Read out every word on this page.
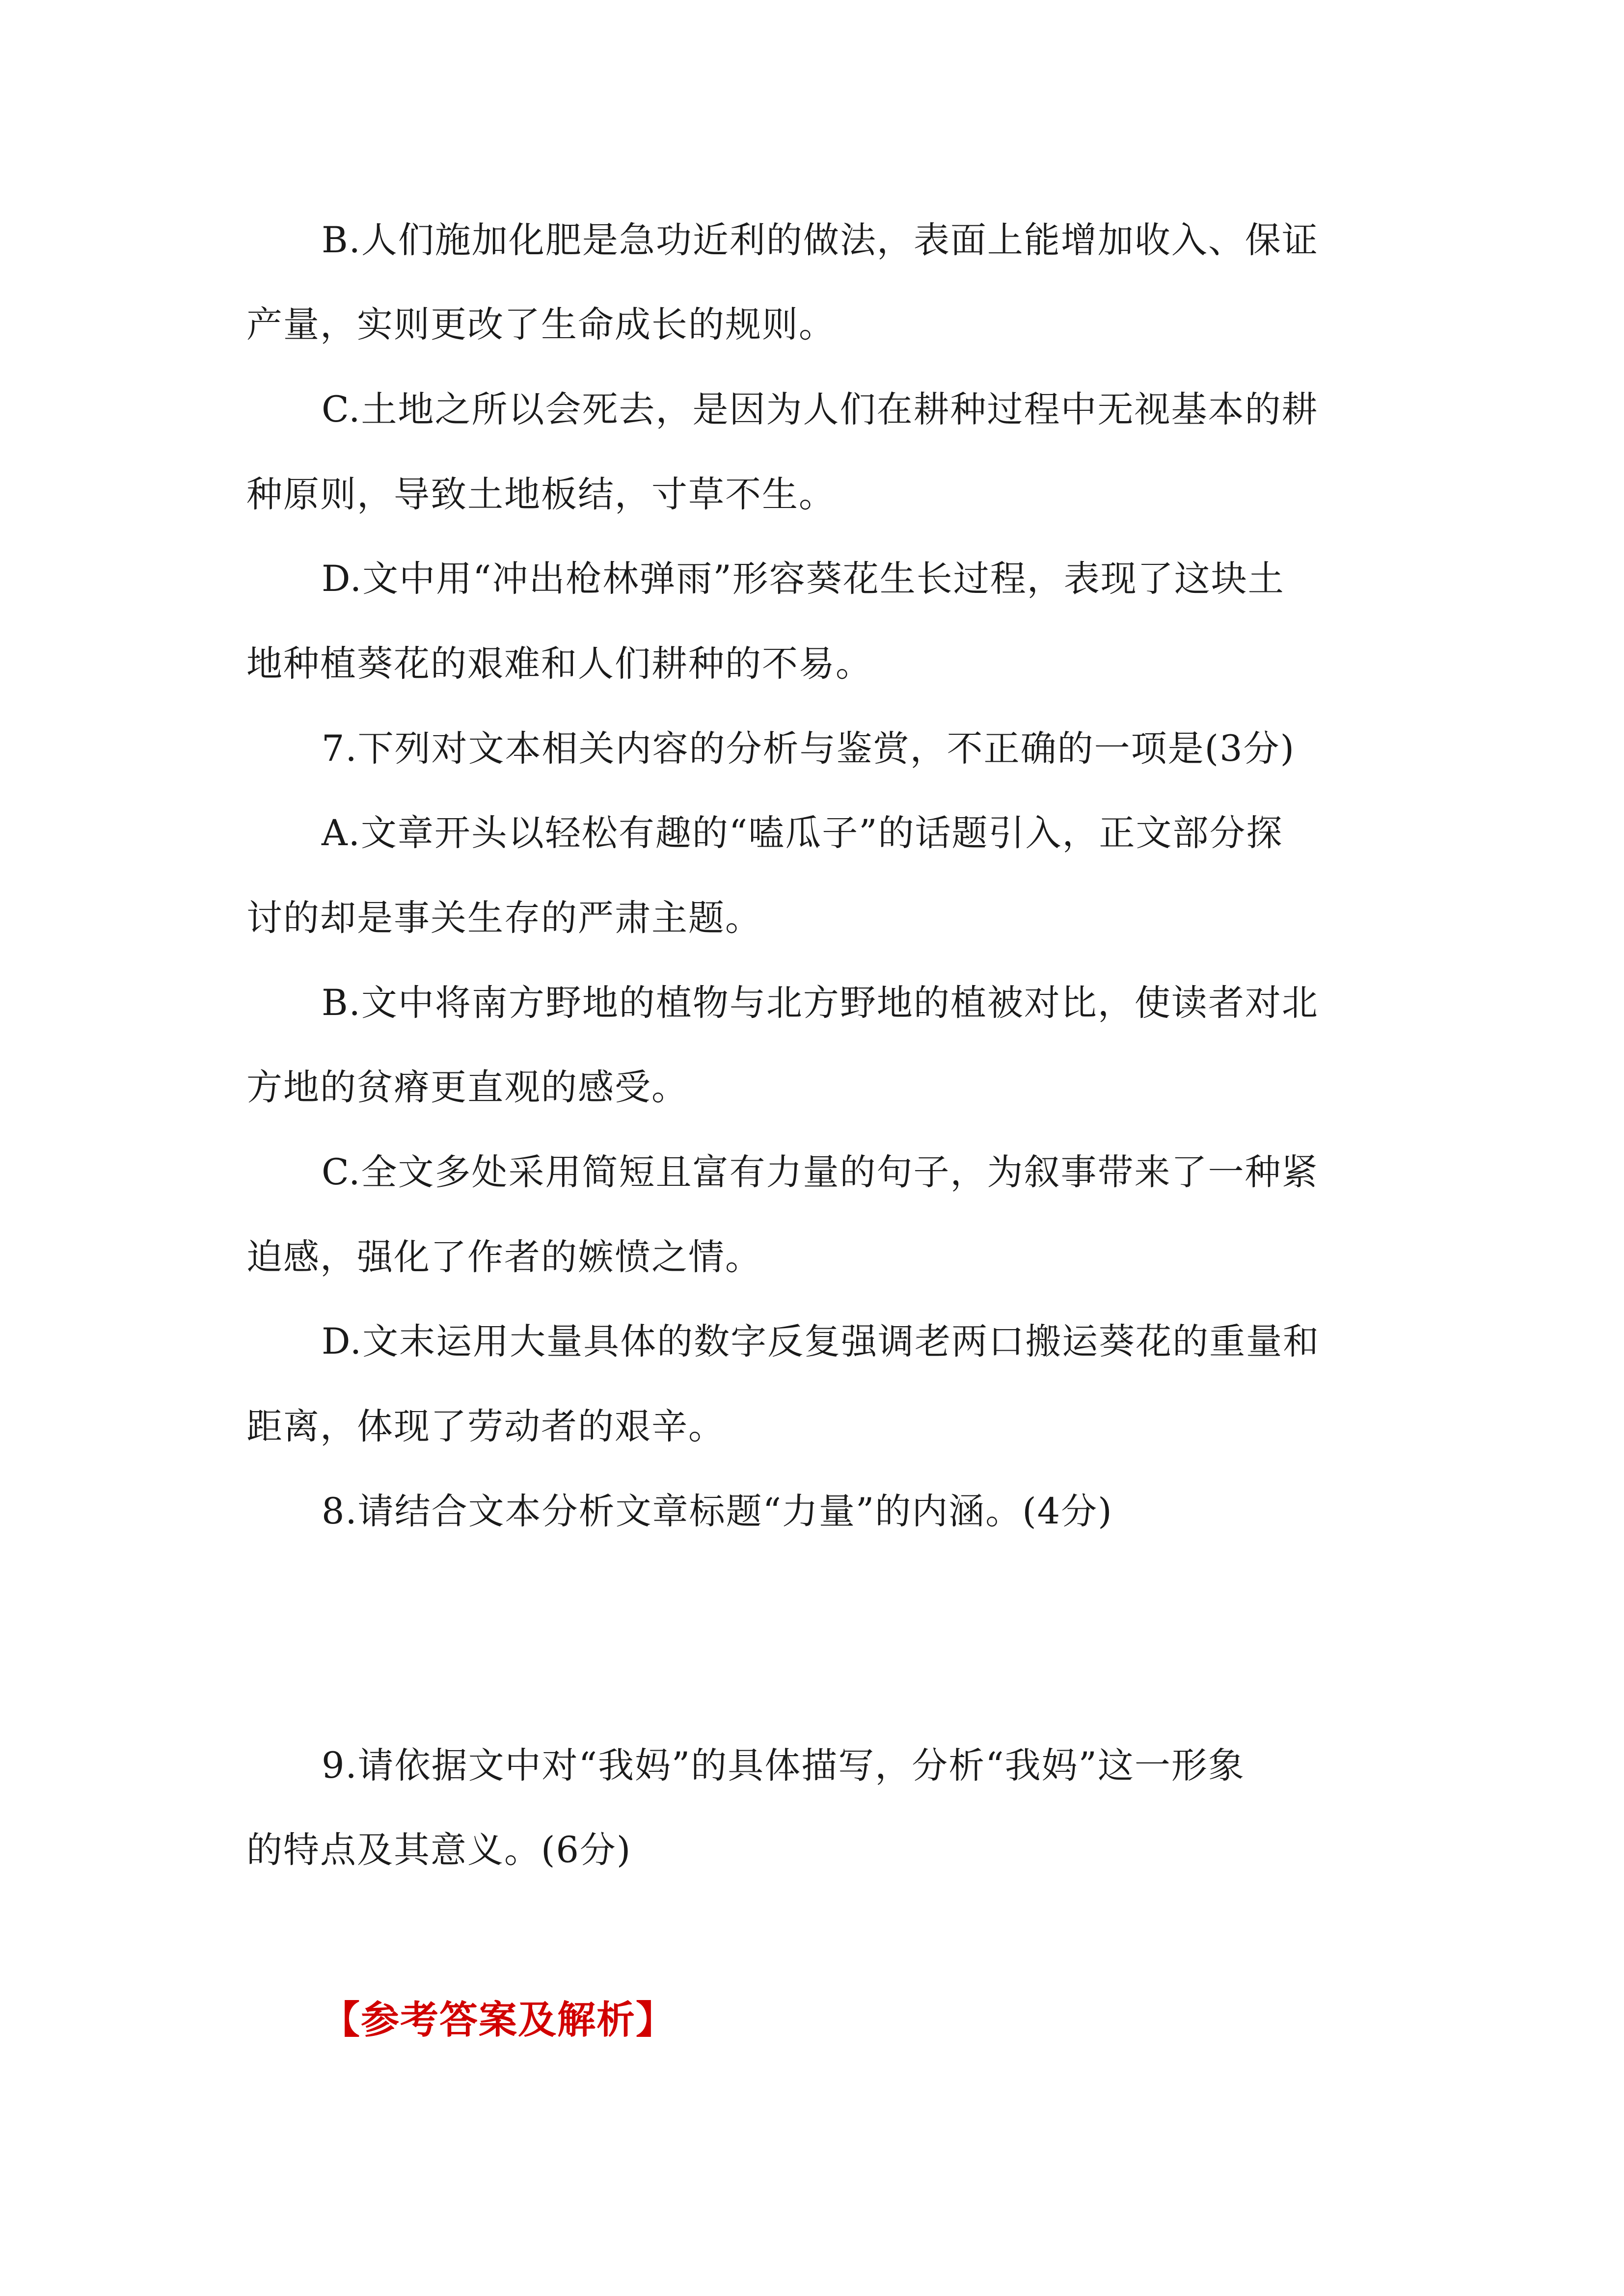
B.人们施加化肥是急功近利的做法，表面上能增加收入、保证
产量，实则更改了生命成长的规则。
C.土地之所以会死去，是因为人们在耕种过程中无视基本的耕
种原则，导致土地板结，寸草不生。
D.文中用“冲出枪林弹雨”形容葵花生长过程，表现了这块土
地种植葵花的艰难和人们耕种的不易。
7.下列对文本相关内容的分析与鉴赏，不正确的一项是(3分)
A.文章开头以轻松有趣的“嗑瓜子”的话题引入，正文部分探
讨的却是事关生存的严肃主题。
B.文中将南方野地的植物与北方野地的植被对比，使读者对北
方地的贫瘠更直观的感受。
C.全文多处采用简短且富有力量的句子，为叙事带来了一种紧
迫感，强化了作者的嫉愤之情。
D.文末运用大量具体的数字反复强调老两口搬运葵花的重量和
距离，体现了劳动者的艰辛。
8.请结合文本分析文章标题“力量”的内涵。(4分)
9.请依据文中对“我妈”的具体描写，分析“我妈”这一形象
的特点及其意义。(6分)
【参考答案及解析】
